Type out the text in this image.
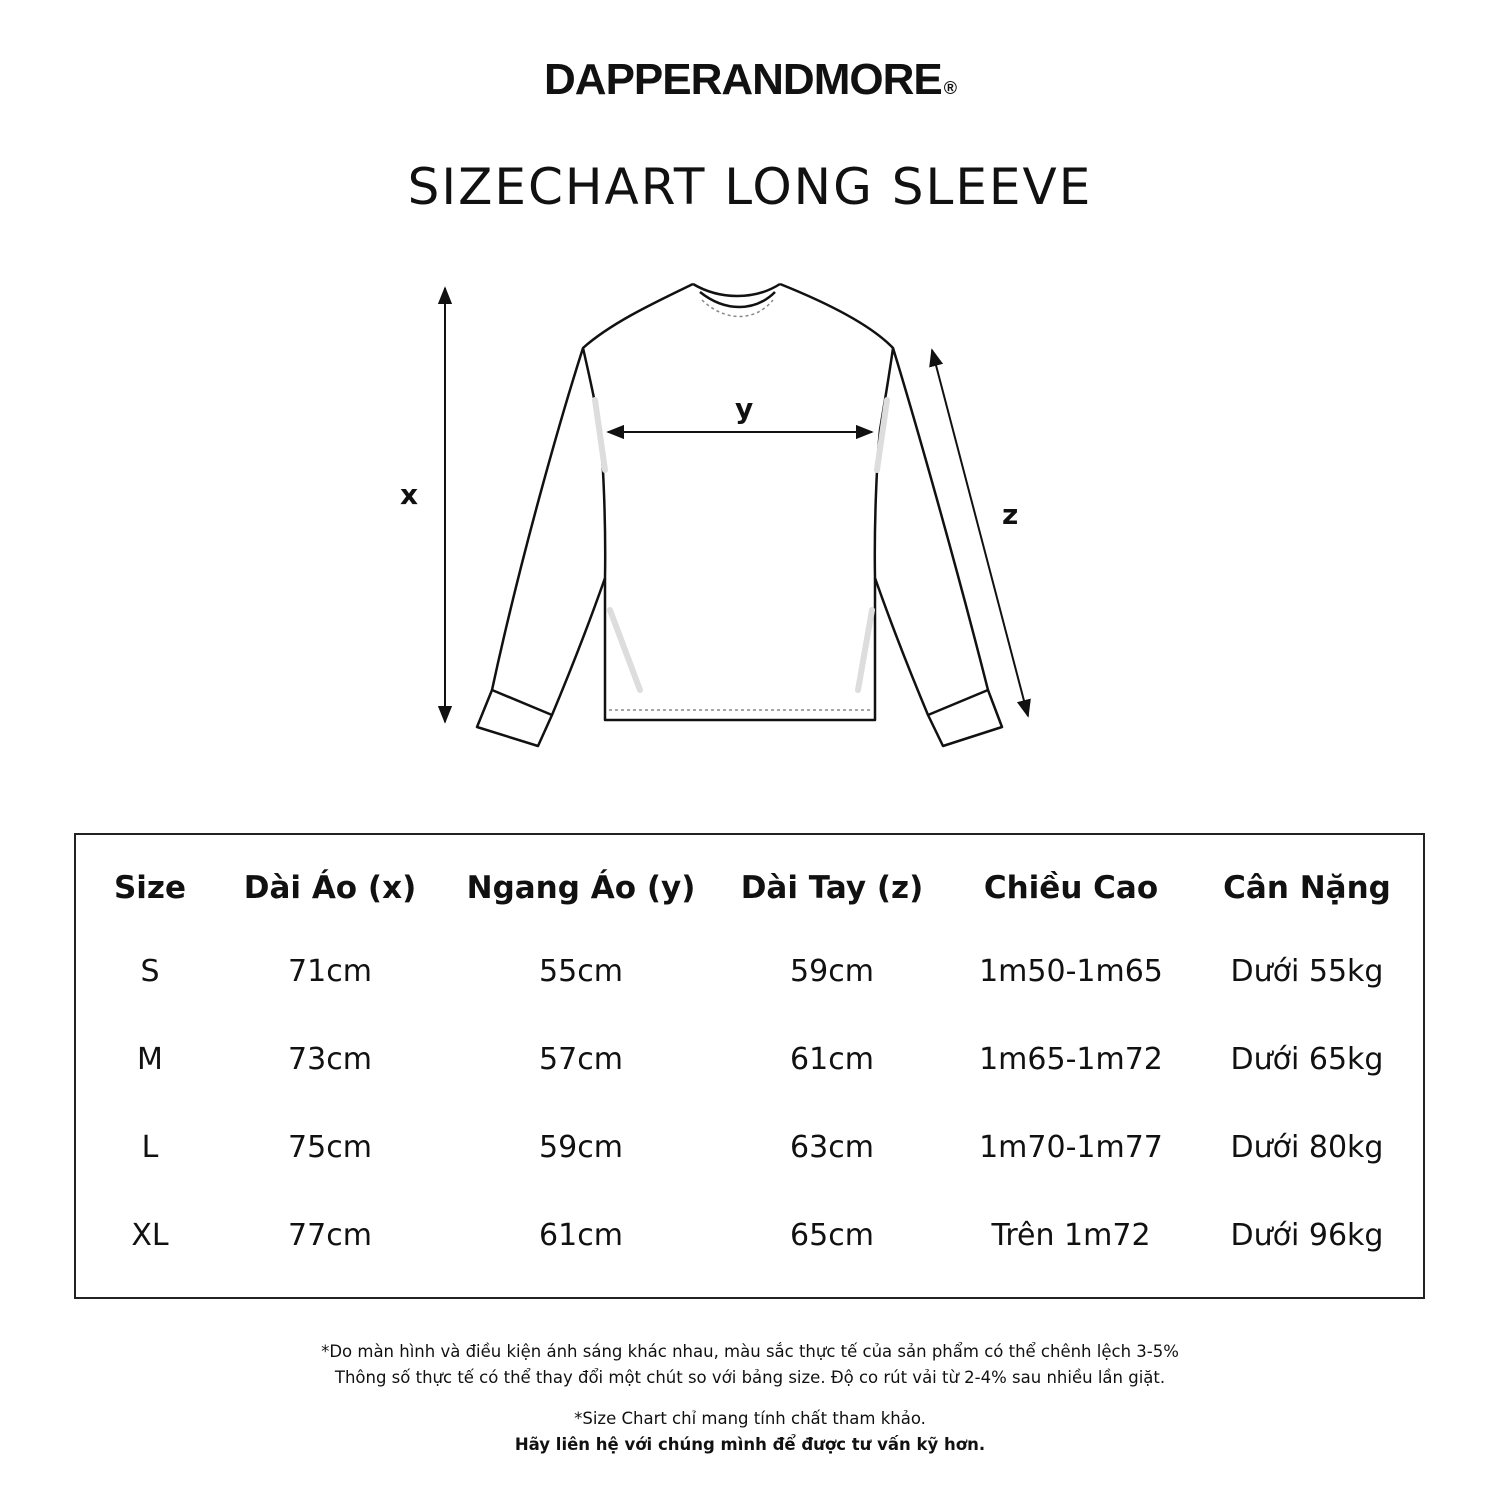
DAPPERANDMORE ®
SIZECHART LONG SLEEVE
x
y
z
Size	Dài Áo (x)	Ngang Áo (y)	Dài Tay (z)	Chiều Cao	Cân Nặng
S	71cm	55cm	59cm	1m50-1m65	Dưới 55kg
M	73cm	57cm	61cm	1m65-1m72	Dưới 65kg
L	75cm	59cm	63cm	1m70-1m77	Dưới 80kg
XL	77cm	61cm	65cm	Trên 1m72	Dưới 96kg
*Do màn hình và điều kiện ánh sáng khác nhau, màu sắc thực tế của sản phẩm có thể chênh lệch 3-5%
Thông số thực tế có thể thay đổi một chút so với bảng size. Độ co rút vải từ 2-4% sau nhiều lần giặt.
*Size Chart chỉ mang tính chất tham khảo.
Hãy liên hệ với chúng mình để được tư vấn kỹ hơn.
